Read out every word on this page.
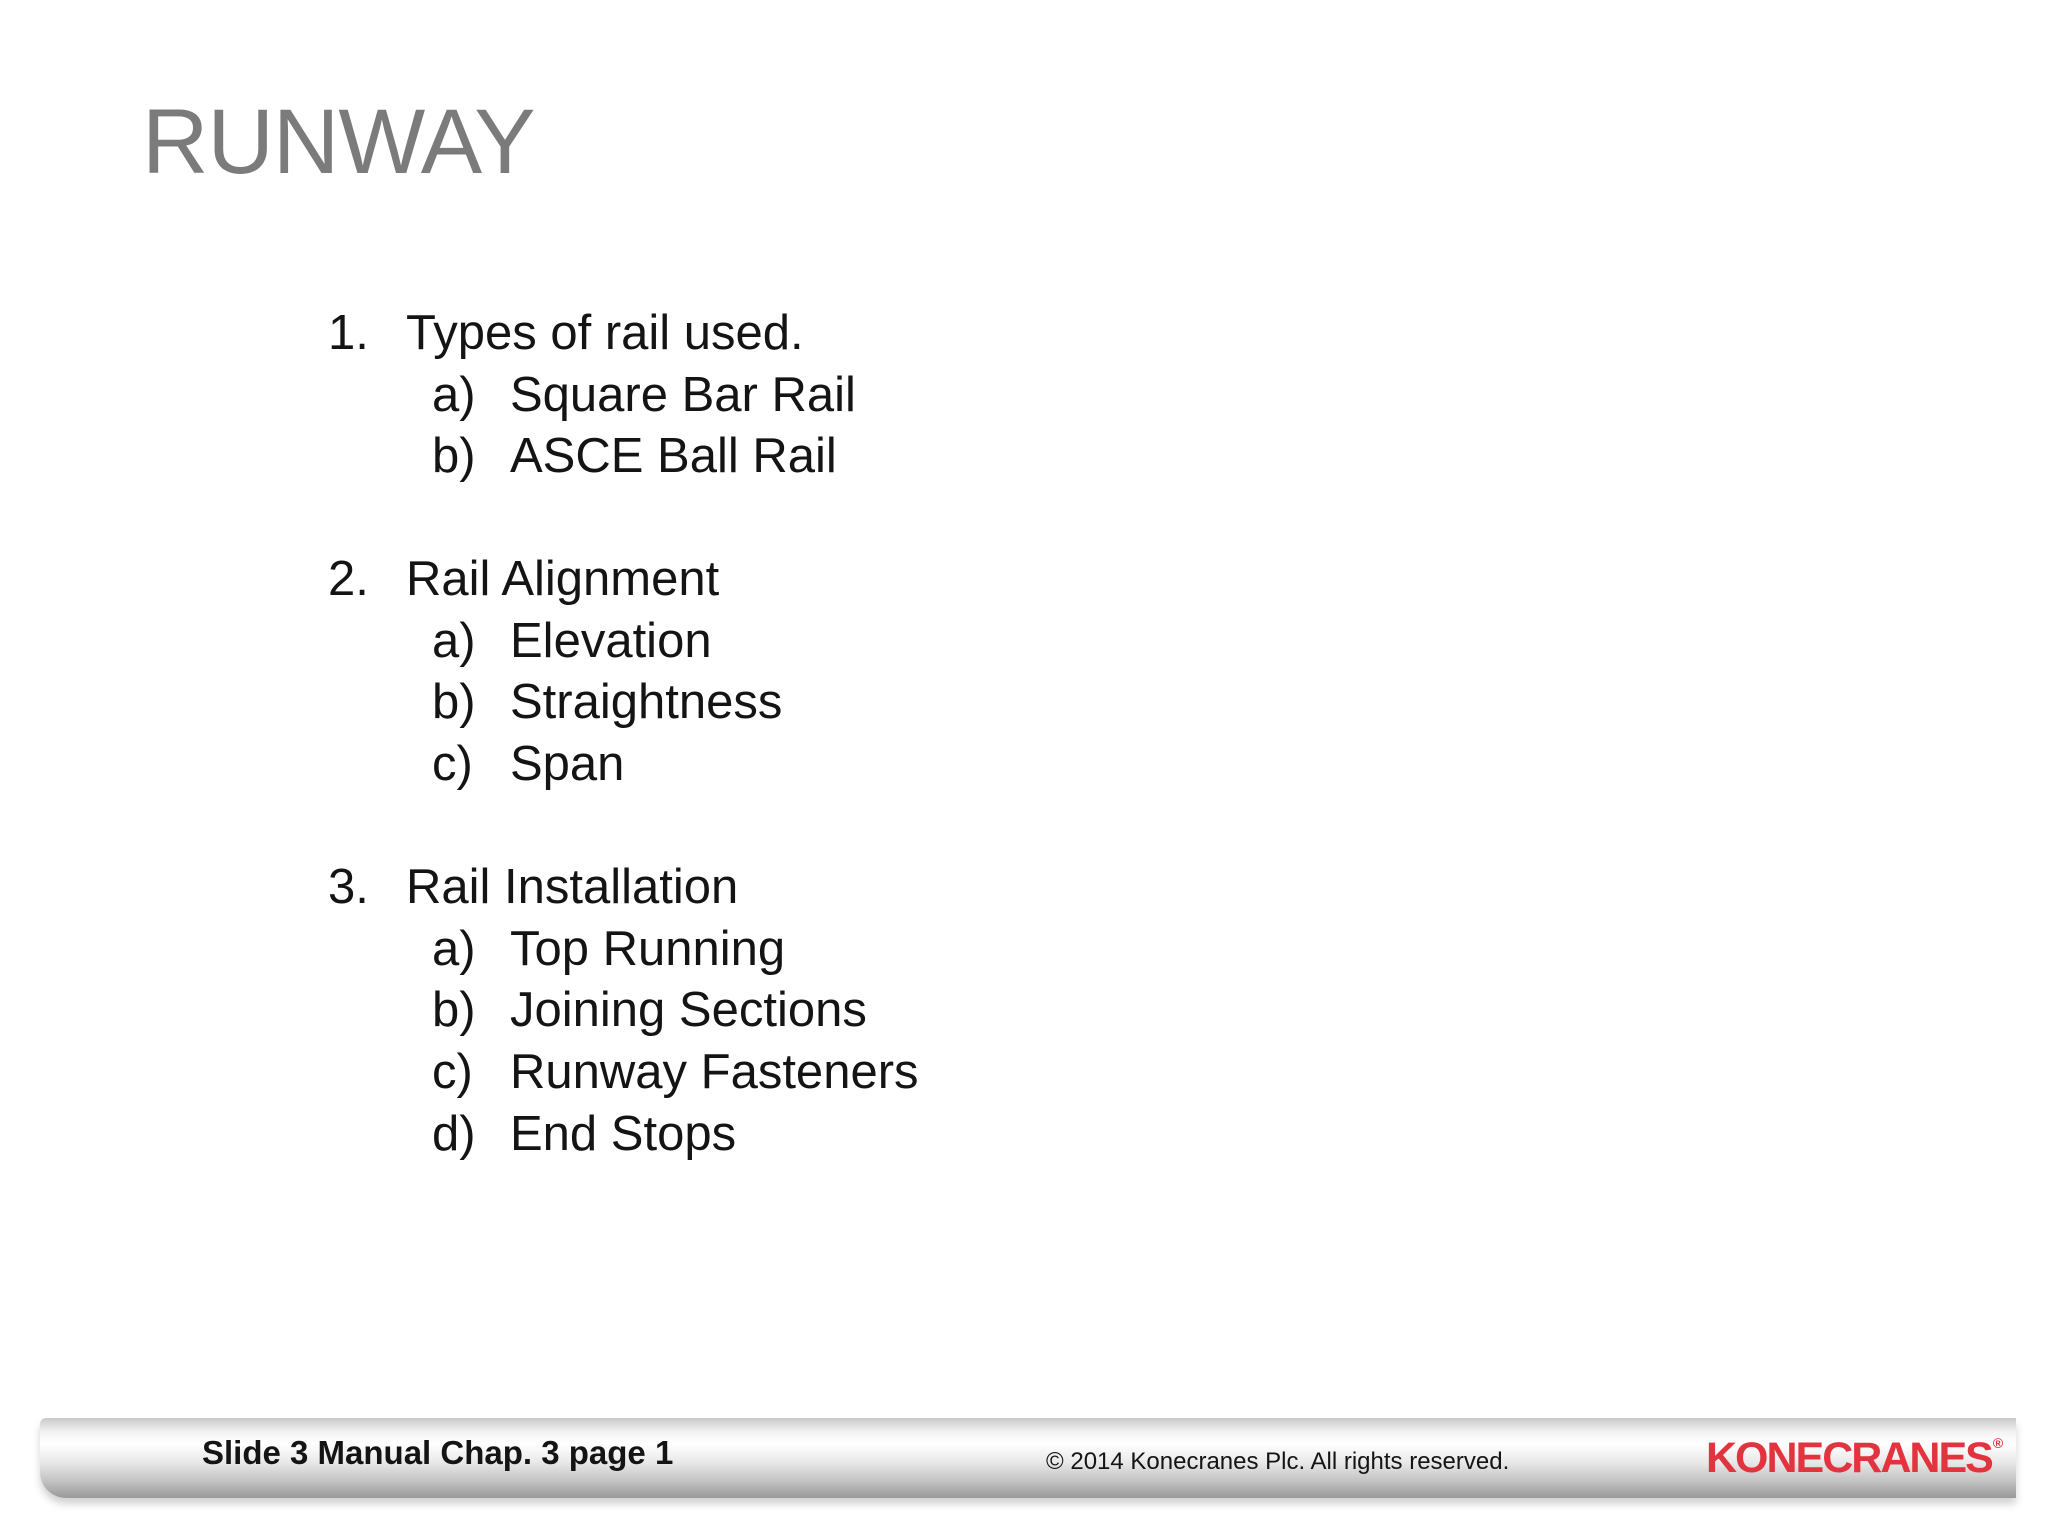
RUNWAY
1. Types of rail used.
a) Square Bar Rail
b) ASCE Ball Rail
2. Rail Alignment
a) Elevation
b) Straightness
c) Span
3. Rail Installation
a) Top Running
b) Joining Sections
c) Runway Fasteners
d) End Stops
Slide 3 Manual Chap. 3 page 1	© 2014 Konecranes Plc. All rights reserved.	KONECRANES®
